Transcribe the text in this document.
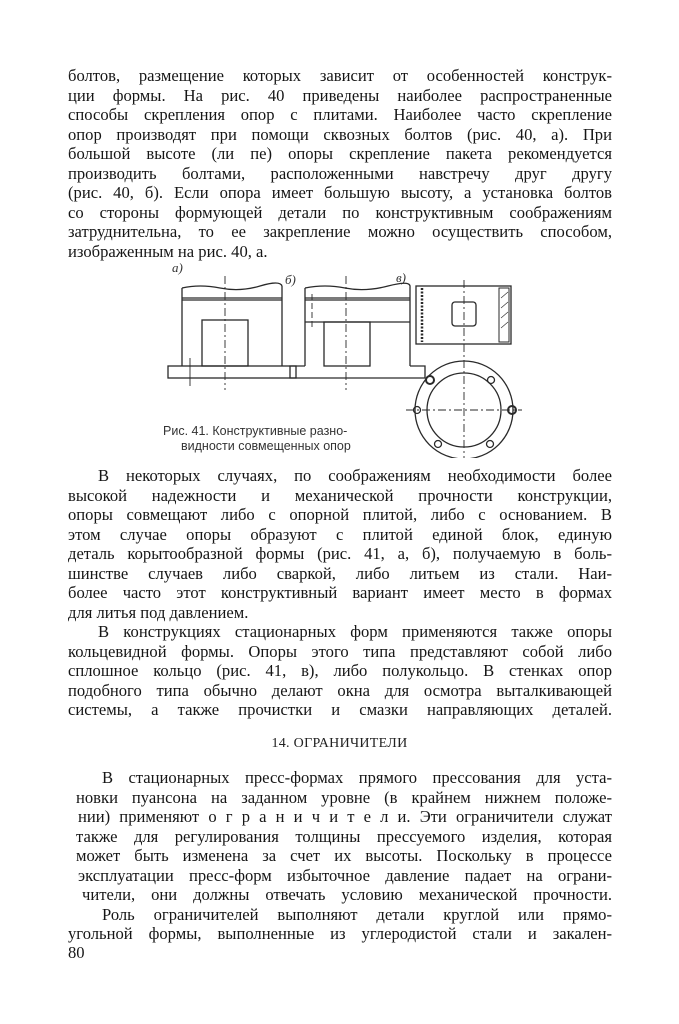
болтов, размещение которых зависит от особенностей конструк-
ции формы. На рис. 40 приведены наиболее распространенные
способы скрепления опор с плитами. Наиболее часто скрепление
опор производят при помощи сквозных болтов (рис. 40, а). При
большой высоте (ли пе) опоры скрепление пакета рекомендуется
производить болтами, расположенными навстречу друг другу
(рис. 40, б). Если опора имеет большую высоту, а установка болтов
со стороны формующей детали по конструктивным соображениям
затруднительна, то ее закрепление можно осуществить способом,
изображенным на рис. 40, а.
а)
б)	в)
Рис. 41. Конструктивные разно-
видности совмещенных опор
В некоторых случаях, по соображениям необходимости более
высокой надежности и механической прочности конструкции,
опоры совмещают либо с опорной плитой, либо с основанием. В
этом случае опоры образуют с плитой единой блок, единую
деталь корытообразной формы (рис. 41, а, б), получаемую в боль-
шинстве случаев либо сваркой, либо литьем из стали. Наи-
более часто этот конструктивный вариант имеет место в формах
для литья под давлением.
В конструкциях стационарных форм применяются также опоры
кольцевидной формы. Опоры этого типа представляют собой либо
сплошное кольцо (рис. 41, в), либо полукольцо. В стенках опор
подобного типа обычно делают окна для осмотра выталкивающей
системы, а также прочистки и смазки направляющих деталей.
14. ОГРАНИЧИТЕЛИ
В стационарных пресс-формах прямого прессования для уста-
новки пуансона на заданном уровне (в крайнем нижнем положе-
нии) применяют о г р а н и ч и т е л и. Эти ограничители служат
также для регулирования толщины прессуемого изделия, которая
может быть изменена за счет их высоты. Поскольку в процессе
эксплуатации пресс-форм избыточное давление падает на ограни-
чители, они должны отвечать условию механической прочности.
Роль ограничителей выполняют детали круглой или прямо-
угольной формы, выполненные из углеродистой стали и закален-
80
